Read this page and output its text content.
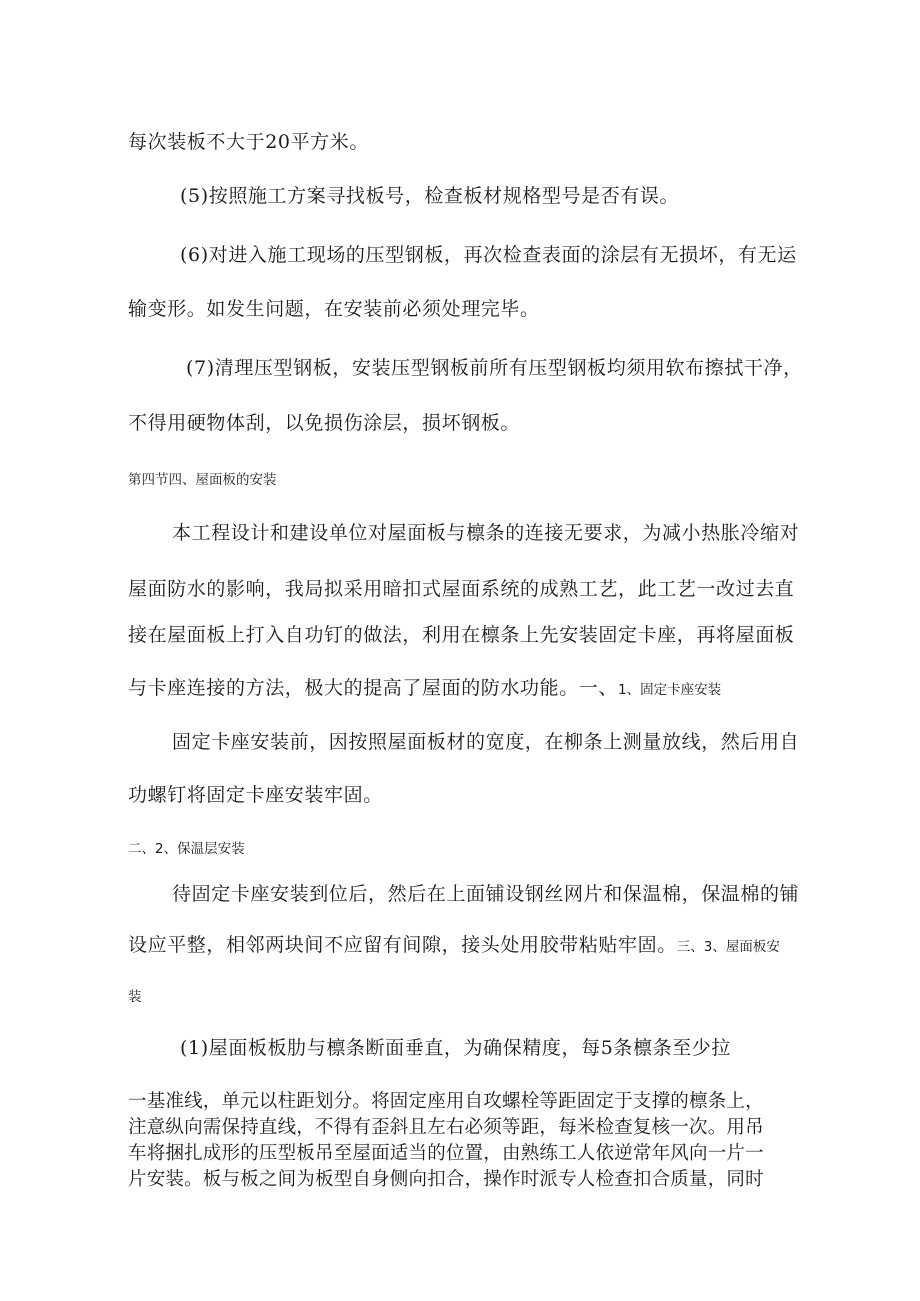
每次装板不大于20平方米。
(5)按照施工方案寻找板号，检查板材规格型号是否有误。
(6)对进入施工现场的压型钢板，再次检查表面的涂层有无损坏，有无运
输变形。如发生问题，在安装前必须处理完毕。
(7)清理压型钢板，安装压型钢板前所有压型钢板均须用软布擦拭干净，
不得用硬物体刮，以免损伤涂层，损坏钢板。
第四节四、屋面板的安装
本工程设计和建设单位对屋面板与檩条的连接无要求，为减小热胀冷缩对
屋面防水的影响，我局拟采用暗扣式屋面系统的成熟工艺，此工艺一改过去直
接在屋面板上打入自功钉的做法，利用在檩条上先安装固定卡座，再将屋面板
与卡座连接的方法，极大的提高了屋面的防水功能。一、1、固定卡座安装
固定卡座安装前，因按照屋面板材的宽度，在柳条上测量放线，然后用自
功螺钉将固定卡座安装牢固。
二、2、保温层安装
待固定卡座安装到位后，然后在上面铺设钢丝网片和保温棉，保温棉的铺
设应平整，相邻两块间不应留有间隙，接头处用胶带粘贴牢固。三、3、屋面板安
装
(1)屋面板板肋与檩条断面垂直，为确保精度，每5条檩条至少拉
一基准线，单元以柱距划分。将固定座用自攻螺栓等距固定于支撑的檩条上，
注意纵向需保持直线，不得有歪斜且左右必须等距，每米检查复核一次。用吊
车将捆扎成形的压型板吊至屋面适当的位置，由熟练工人依逆常年风向一片一
片安装。板与板之间为板型自身侧向扣合，操作时派专人检查扣合质量，同时
